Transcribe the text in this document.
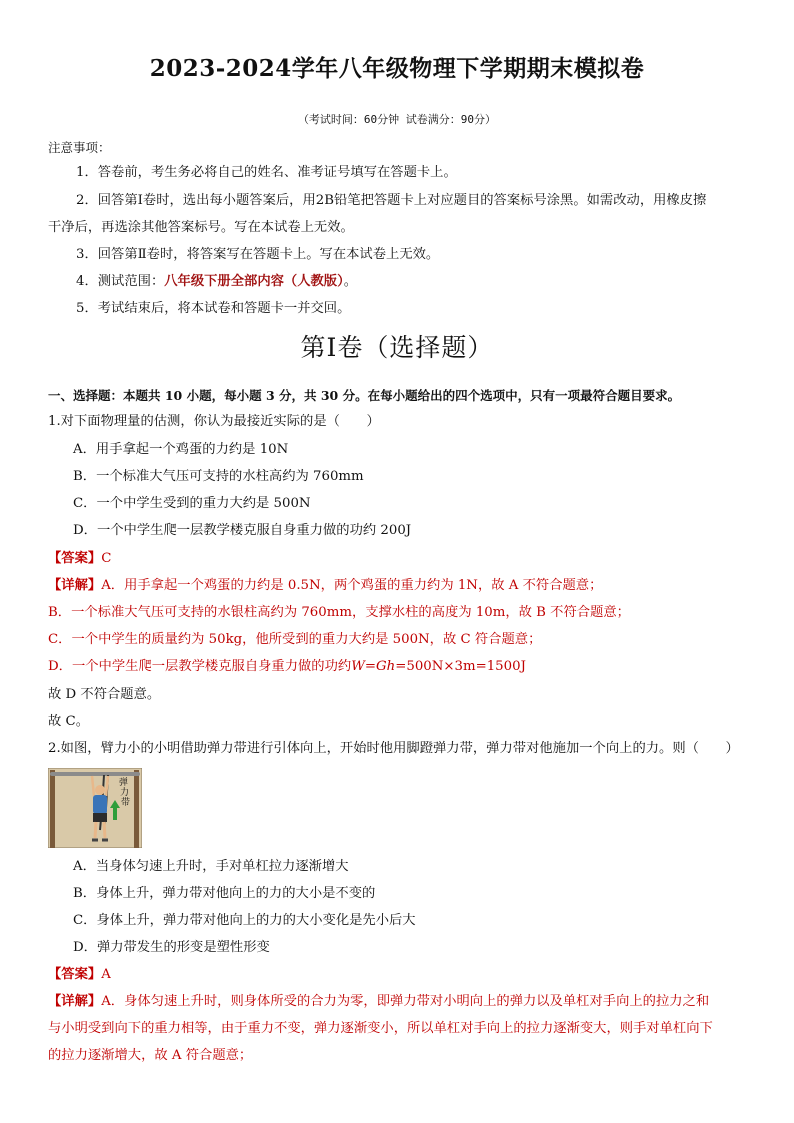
2023-2024学年八年级物理下学期期末模拟卷
（考试时间：60分钟 试卷满分：90分）
注意事项：
1．答卷前，考生务必将自己的姓名、准考证号填写在答题卡上。
2．回答第Ⅰ卷时，选出每小题答案后，用2B铅笔把答题卡上对应题目的答案标号涂黑。如需改动，用橡皮擦
干净后，再选涂其他答案标号。写在本试卷上无效。
3．回答第Ⅱ卷时，将答案写在答题卡上。写在本试卷上无效。
4．测试范围：八年级下册全部内容（人教版）。
5．考试结束后，将本试卷和答题卡一并交回。
第Ⅰ卷（选择题）
一、选择题：本题共 10 小题，每小题 3 分，共 30 分。在每小题给出的四个选项中，只有一项最符合题目要求。
1.对下面物理量的估测，你认为最接近实际的是（　　）
A．用手拿起一个鸡蛋的力约是 10N
B．一个标准大气压可支持的水柱高约为 760mm
C．一个中学生受到的重力大约是 500N
D．一个中学生爬一层教学楼克服自身重力做的功约 200J
【答案】C
【详解】A．用手拿起一个鸡蛋的力约是 0.5N，两个鸡蛋的重力约为 1N，故 A 不符合题意；
B．一个标准大气压可支持的水银柱高约为 760mm，支撑水柱的高度为 10m，故 B 不符合题意；
C．一个中学生的质量约为 50kg，他所受到的重力大约是 500N，故 C 符合题意；
D．一个中学生爬一层教学楼克服自身重力做的功约W=Gh=500N×3m=1500J
故 D 不符合题意。
故 C。
2.如图，臂力小的小明借助弹力带进行引体向上，开始时他用脚蹬弹力带，弹力带对他施加一个向上的力。则（　　）
弹
力
带
A．当身体匀速上升时，手对单杠拉力逐渐增大
B．身体上升，弹力带对他向上的力的大小是不变的
C．身体上升，弹力带对他向上的力的大小变化是先小后大
D．弹力带发生的形变是塑性形变
【答案】A
【详解】A．身体匀速上升时，则身体所受的合力为零，即弹力带对小明向上的弹力以及单杠对手向上的拉力之和
与小明受到向下的重力相等，由于重力不变，弹力逐渐变小，所以单杠对手向上的拉力逐渐变大，则手对单杠向下
的拉力逐渐增大，故 A 符合题意；
